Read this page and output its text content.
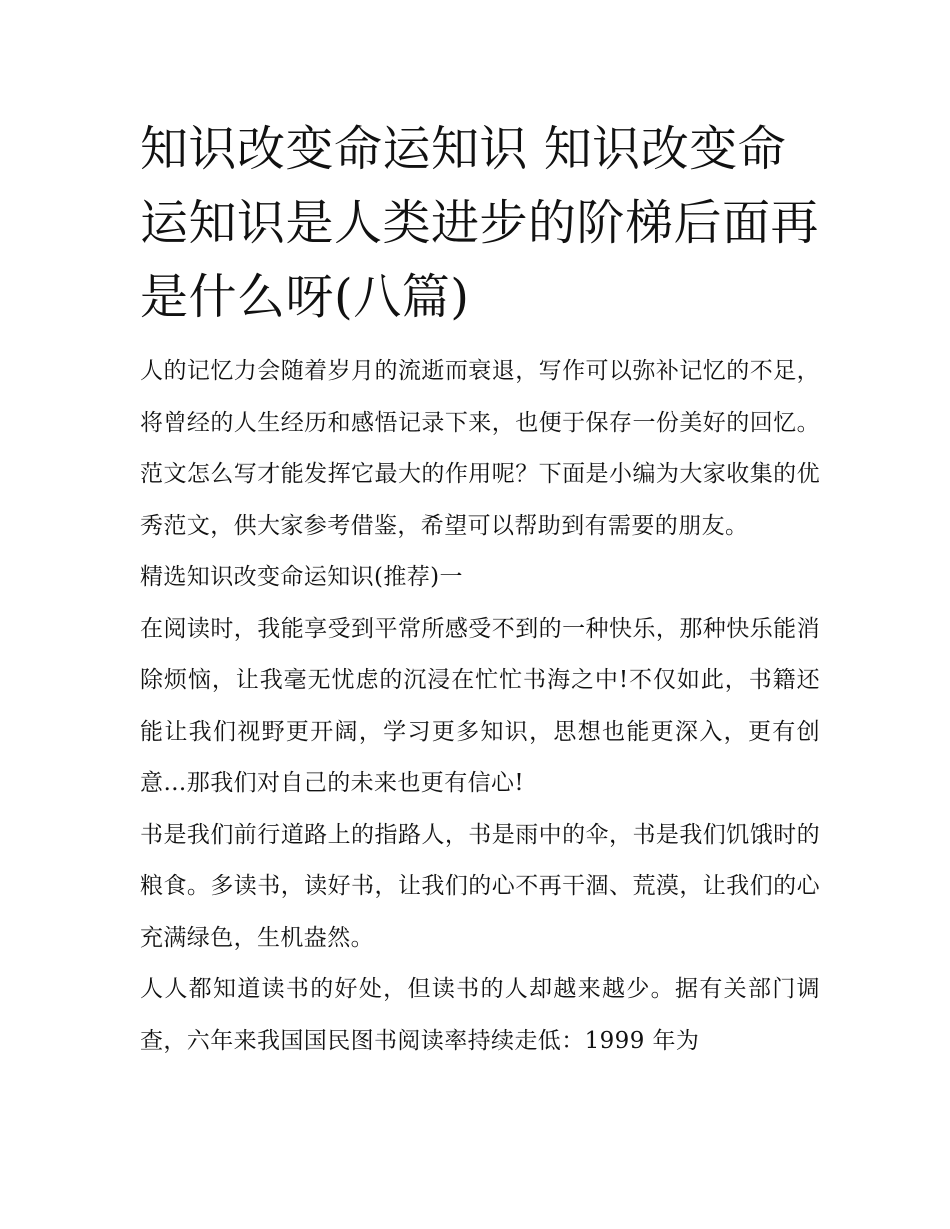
知识改变命运知识 知识改变命运知识是人类进步的阶梯后面再是什么呀(八篇)

人的记忆力会随着岁月的流逝而衰退，写作可以弥补记忆的不足，将曾经的人生经历和感悟记录下来，也便于保存一份美好的回忆。范文怎么写才能发挥它最大的作用呢？下面是小编为大家收集的优秀范文，供大家参考借鉴，希望可以帮助到有需要的朋友。

精选知识改变命运知识(推荐)一

在阅读时，我能享受到平常所感受不到的一种快乐，那种快乐能消除烦恼，让我毫无忧虑的沉浸在忙忙书海之中!不仅如此，书籍还能让我们视野更开阔，学习更多知识，思想也能更深入，更有创意…那我们对自己的未来也更有信心!

书是我们前行道路上的指路人，书是雨中的伞，书是我们饥饿时的粮食。多读书，读好书，让我们的心不再干涸、荒漠，让我们的心充满绿色，生机盎然。

人人都知道读书的好处，但读书的人却越来越少。据有关部门调查，六年来我国国民图书阅读率持续走低：1999 年为
